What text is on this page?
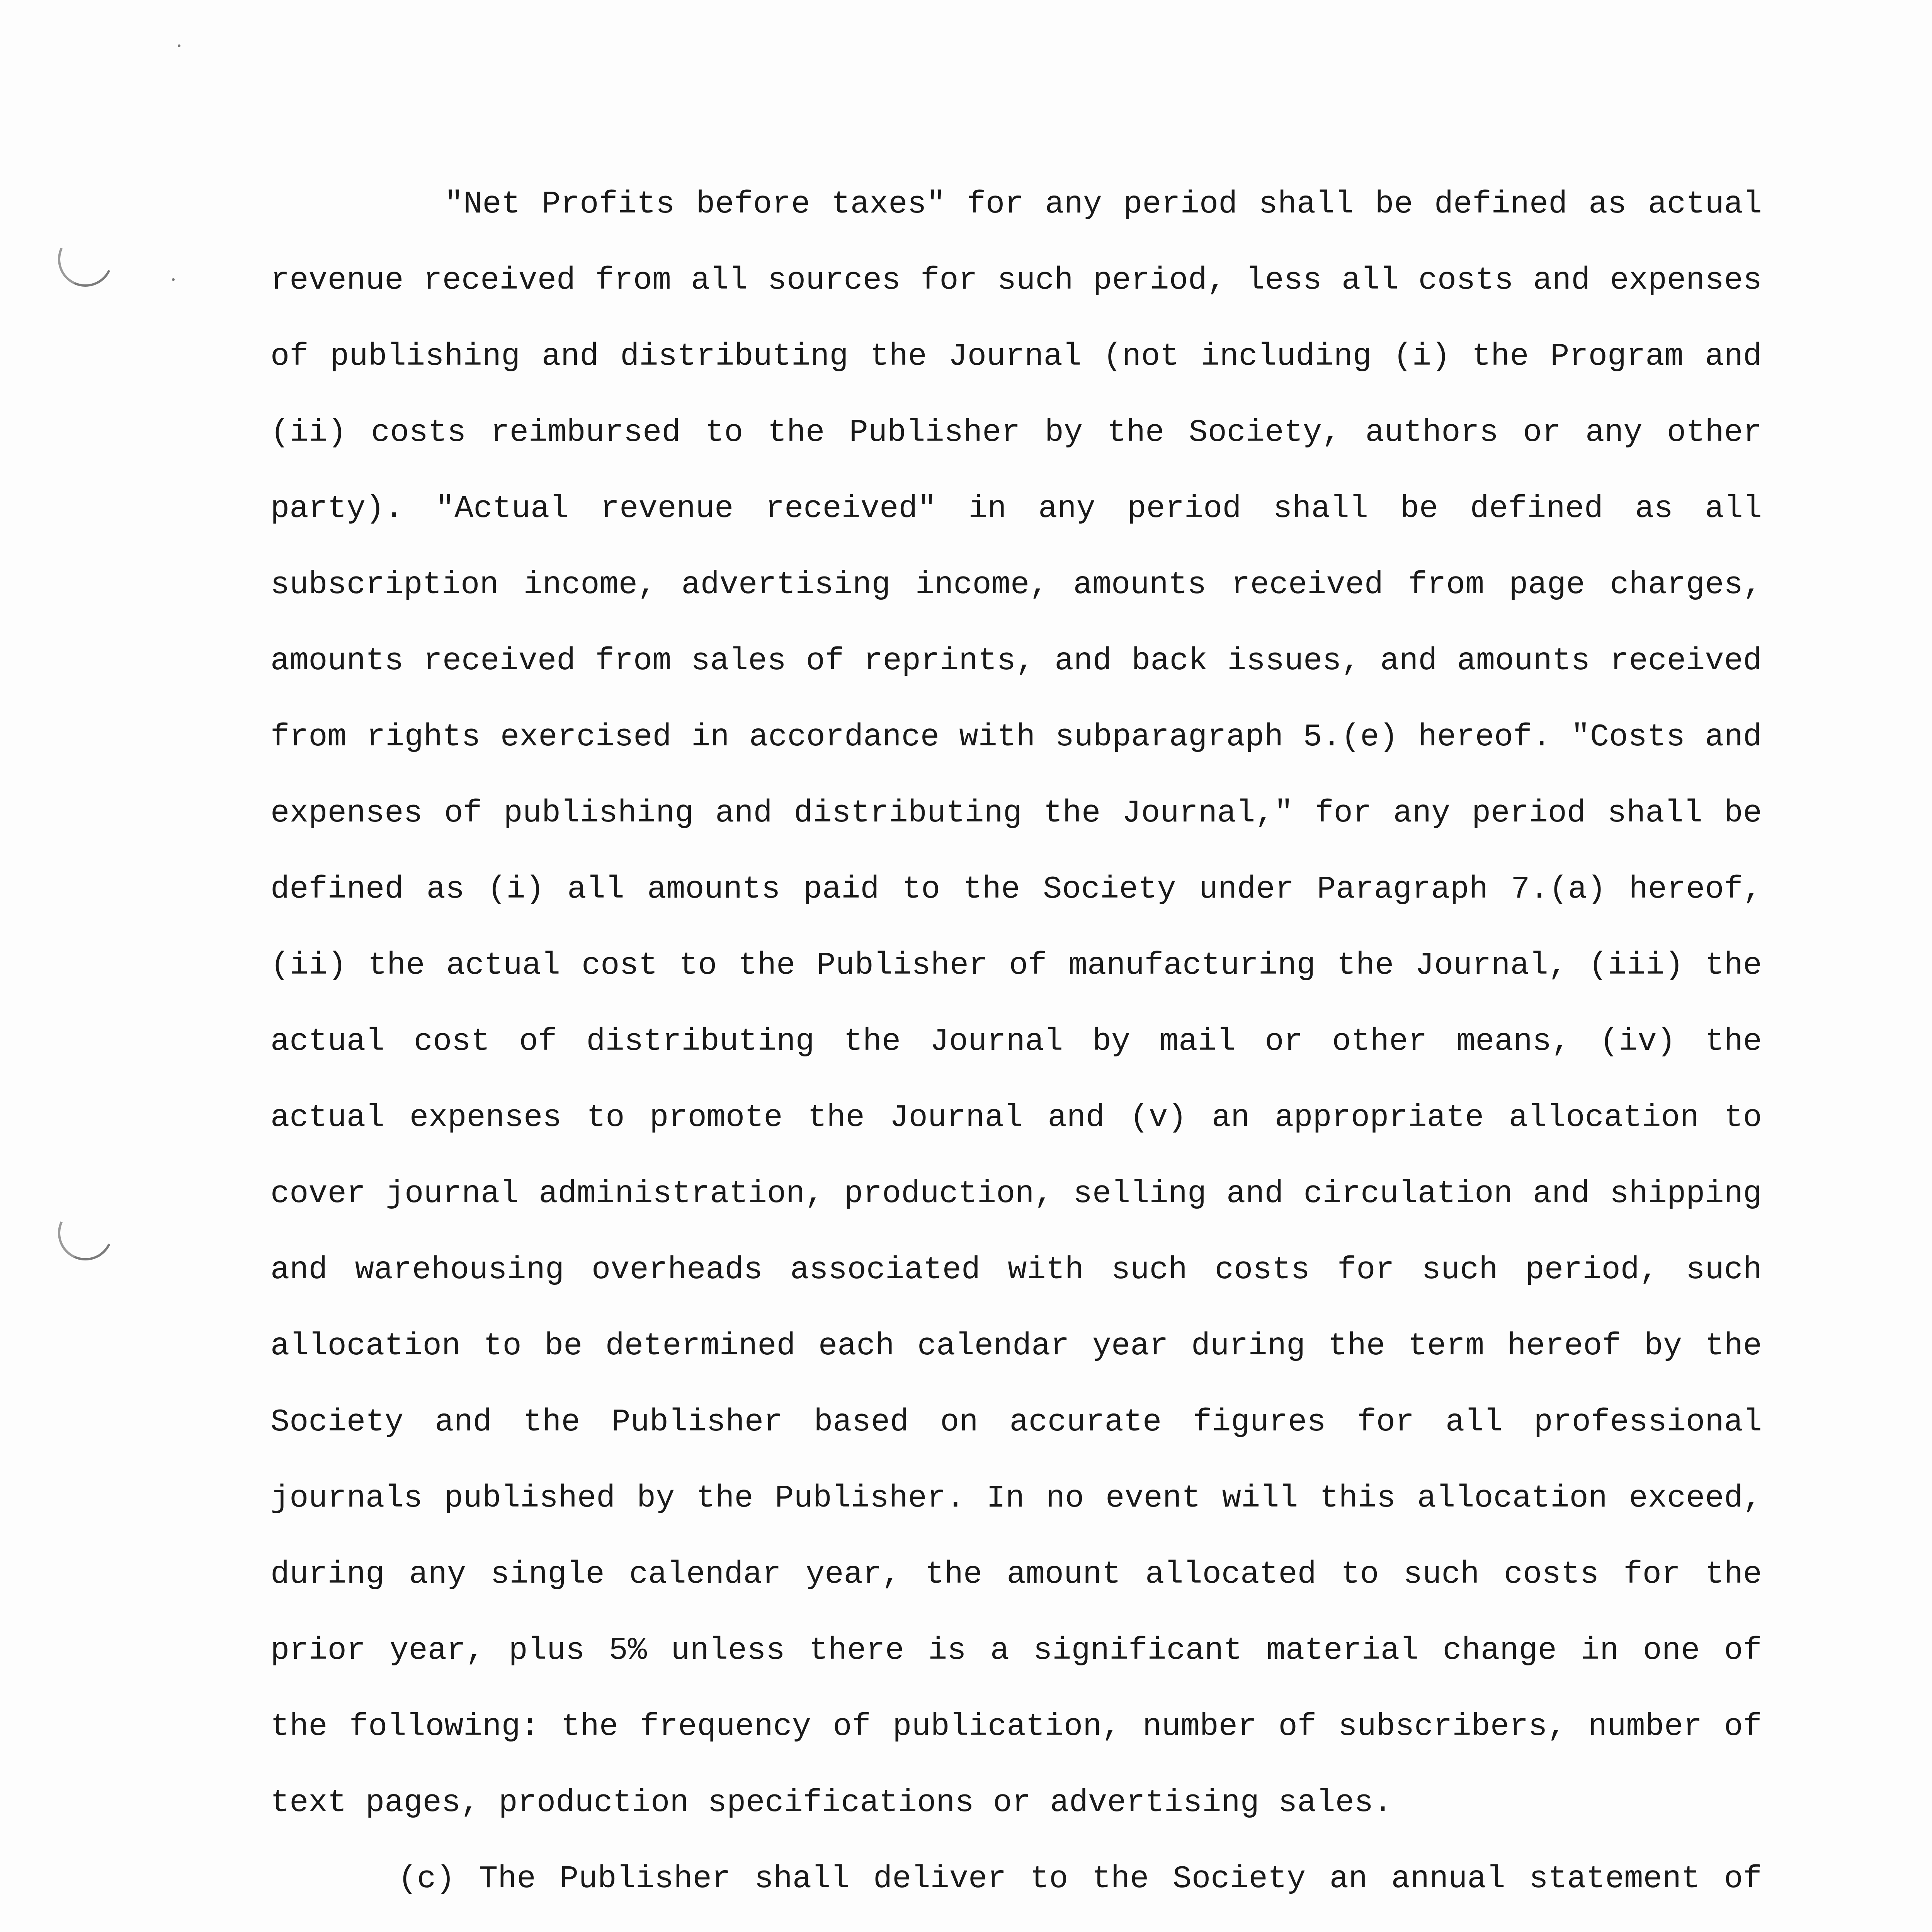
"Net Profits before taxes" for any period shall be defined as actual revenue received from all sources for such period, less all costs and expenses of publishing and distributing the Journal (not including (i) the Program and (ii) costs reimbursed to the Publisher by the Society, authors or any other party). "Actual revenue received" in any period shall be defined as all subscription income, advertising income, amounts received from page charges, amounts received from sales of reprints, and back issues, and amounts received from rights exercised in accordance with subparagraph 5.(e) hereof. "Costs and expenses of publishing and distributing the Journal," for any period shall be defined as (i) all amounts paid to the Society under Paragraph 7.(a) hereof, (ii) the actual cost to the Publisher of manufacturing the Journal, (iii) the actual cost of distributing the Journal by mail or other means, (iv) the actual expenses to promote the Journal and (v) an appropriate allocation to cover journal administration, production, selling and circulation and shipping and warehousing overheads associated with such costs for such period, such allocation to be determined each calendar year during the term hereof by the Society and the Publisher based on accurate figures for all professional journals published by the Publisher. In no event will this allocation exceed, during any single calendar year, the amount allocated to such costs for the prior year, plus 5% unless there is a significant material change in one of the following: the frequency of publication, number of subscribers, number of text pages, production specifications or advertising sales.

(c) The Publisher shall deliver to the Society an annual statement of
